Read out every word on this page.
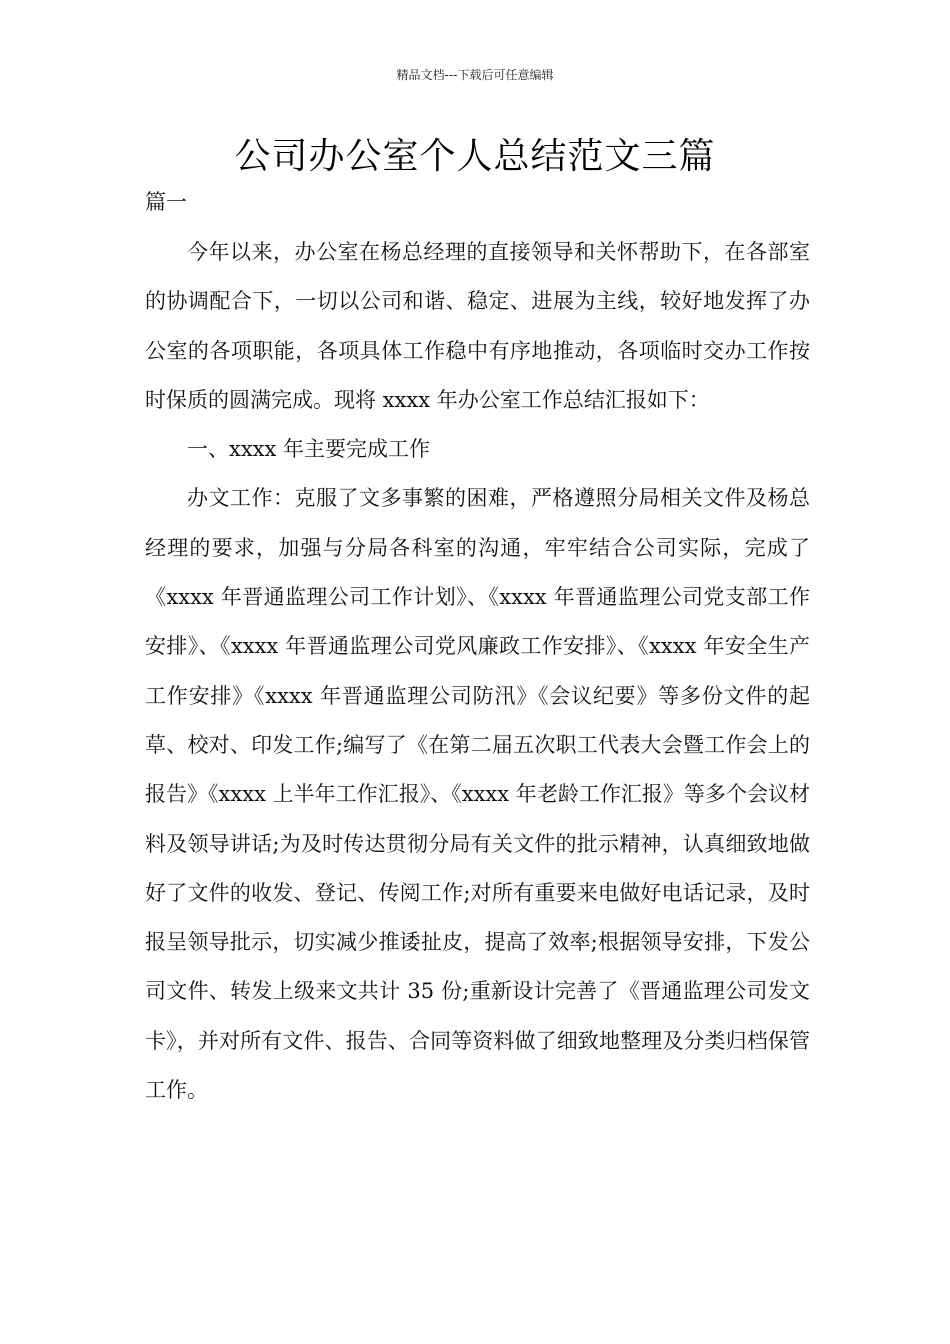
精品文档---下载后可任意编辑
公司办公室个人总结范文三篇
篇一

今年以来，办公室在杨总经理的直接领导和关怀帮助下，在各部室的协调配合下，一切以公司和谐、稳定、进展为主线，较好地发挥了办公室的各项职能，各项具体工作稳中有序地推动，各项临时交办工作按时保质的圆满完成。现将 xxxx 年办公室工作总结汇报如下：

一、xxxx 年主要完成工作

办文工作：克服了文多事繁的困难，严格遵照分局相关文件及杨总经理的要求，加强与分局各科室的沟通，牢牢结合公司实际，完成了《xxxx 年晋通监理公司工作计划》、《xxxx 年晋通监理公司党支部工作安排》、《xxxx 年晋通监理公司党风廉政工作安排》、《xxxx 年安全生产工作安排》《xxxx 年晋通监理公司防汛》《会议纪要》等多份文件的起草、校对、印发工作;编写了《在第二届五次职工代表大会暨工作会上的报告》《xxxx 上半年工作汇报》、《xxxx 年老龄工作汇报》等多个会议材料及领导讲话;为及时传达贯彻分局有关文件的批示精神，认真细致地做好了文件的收发、登记、传阅工作;对所有重要来电做好电话记录，及时报呈领导批示，切实减少推诿扯皮，提高了效率;根据领导安排，下发公司文件、转发上级来文共计 35 份;重新设计完善了《晋通监理公司发文卡》，并对所有文件、报告、合同等资料做了细致地整理及分类归档保管工作。
